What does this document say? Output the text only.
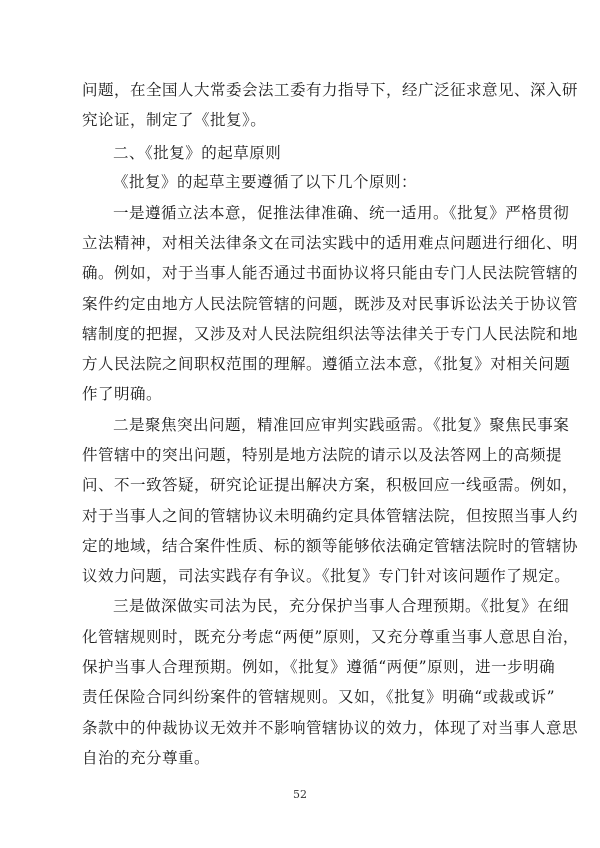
问题，在全国人大常委会法工委有力指导下，经广泛征求意见、深入研
究论证，制定了《批复》。
二、《批复》的起草原则
《批复》的起草主要遵循了以下几个原则：
一是遵循立法本意，促推法律准确、统一适用。《批复》严格贯彻
立法精神，对相关法律条文在司法实践中的适用难点问题进行细化、明
确。例如，对于当事人能否通过书面协议将只能由专门人民法院管辖的
案件约定由地方人民法院管辖的问题，既涉及对民事诉讼法关于协议管
辖制度的把握，又涉及对人民法院组织法等法律关于专门人民法院和地
方人民法院之间职权范围的理解。遵循立法本意，《批复》对相关问题
作了明确。
二是聚焦突出问题，精准回应审判实践亟需。《批复》聚焦民事案
件管辖中的突出问题，特别是地方法院的请示以及法答网上的高频提
问、不一致答疑，研究论证提出解决方案，积极回应一线亟需。例如，
对于当事人之间的管辖协议未明确约定具体管辖法院，但按照当事人约
定的地域，结合案件性质、标的额等能够依法确定管辖法院时的管辖协
议效力问题，司法实践存有争议。《批复》专门针对该问题作了规定。
三是做深做实司法为民，充分保护当事人合理预期。《批复》在细
化管辖规则时，既充分考虑“两便”原则，又充分尊重当事人意思自治，
保护当事人合理预期。例如，《批复》遵循“两便”原则，进一步明确
责任保险合同纠纷案件的管辖规则。又如，《批复》明确“或裁或诉”
条款中的仲裁协议无效并不影响管辖协议的效力，体现了对当事人意思
自治的充分尊重。
52
